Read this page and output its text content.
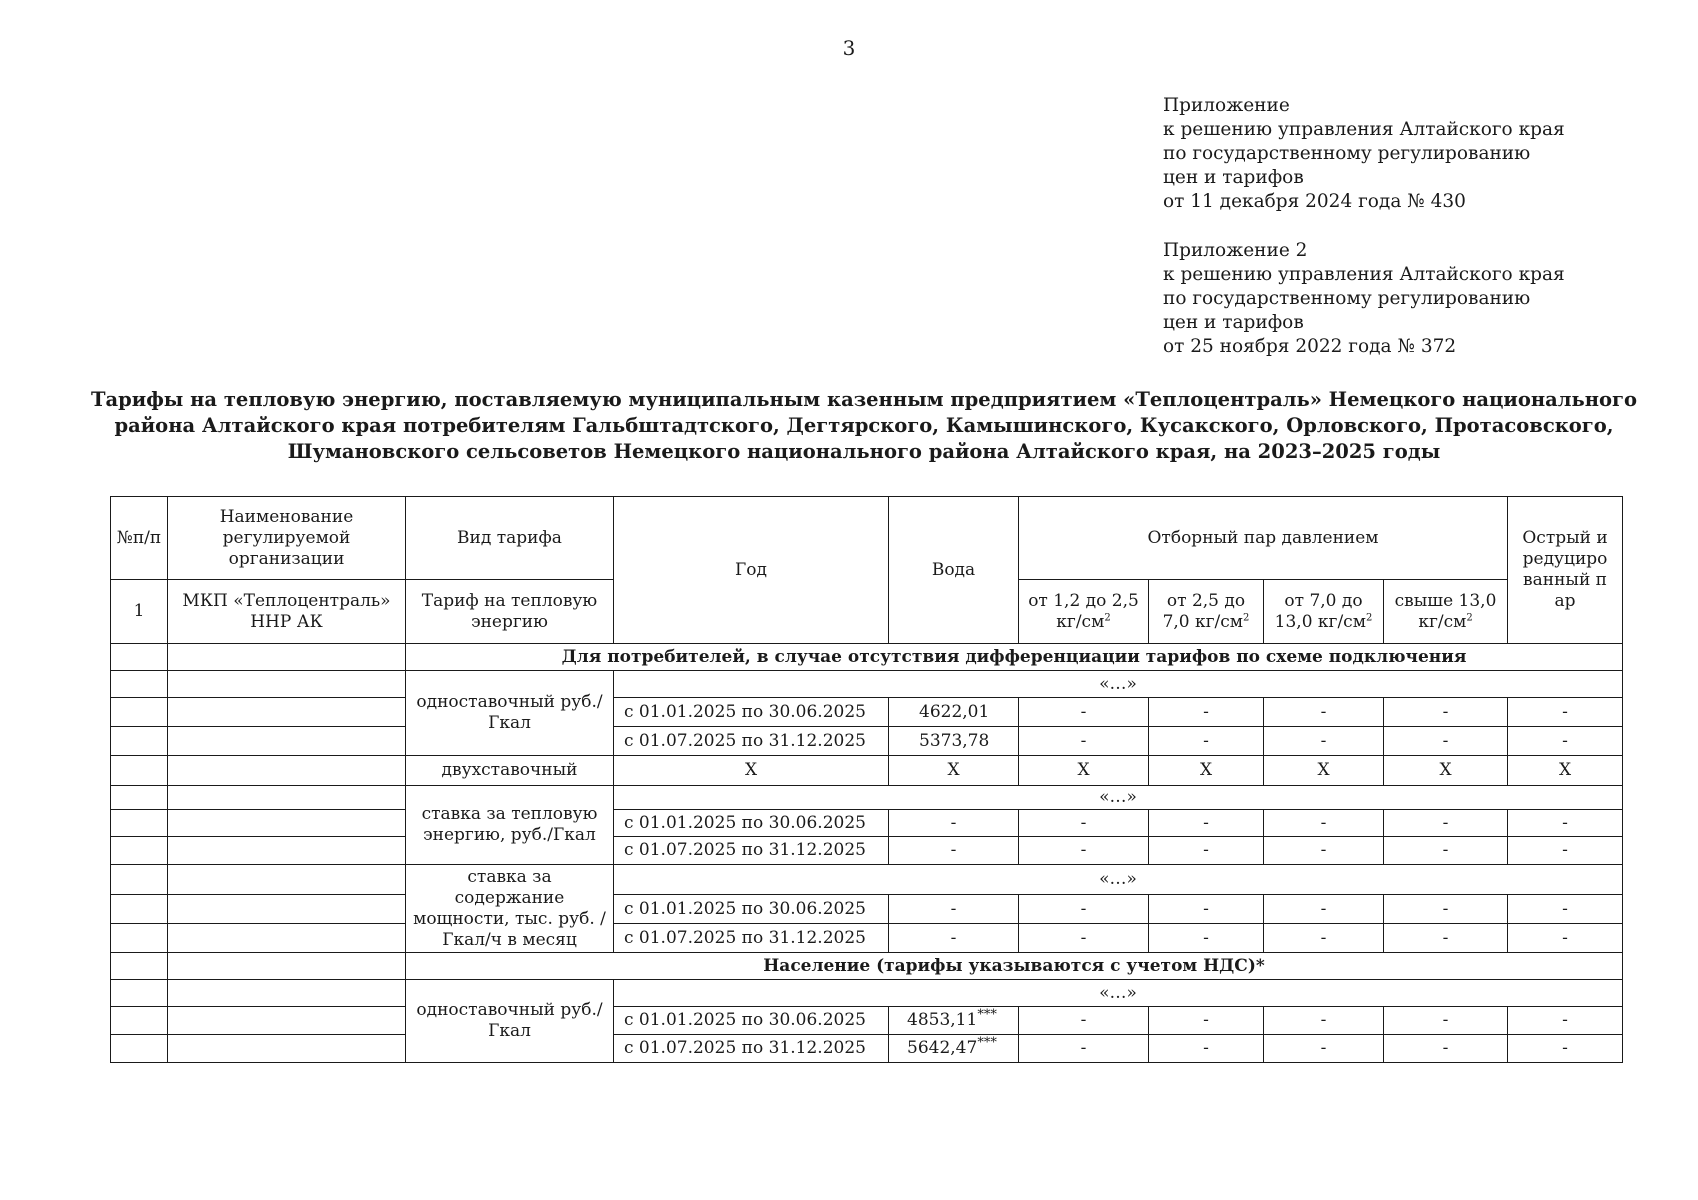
3
Приложение
к решению управления Алтайского края
по государственному регулированию
цен и тарифов
от 11 декабря 2024 года № 430
Приложение 2
к решению управления Алтайского края
по государственному регулированию
цен и тарифов
от 25 ноября 2022 года № 372
Тарифы на тепловую энергию, поставляемую муниципальным казенным предприятием «Теплоцентраль» Немецкого национального
района Алтайского края потребителям Гальбштадтского, Дегтярского, Камышинского, Кусакского, Орловского, Протасовского,
Шумановского сельсоветов Немецкого национального района Алтайского края, на 2023–2025 годы
№п/п	Наименование регулируемой организации	Вид тарифа	Год	Вода	Отборный пар давлением				Острый и редуцированный пар
1	МКП «Теплоцентраль» ННР АК	Тариф на тепловую энергию			от 1,2 до 2,5 $кг/см^2$	от 2,5 до 7,0 $кг/см^2$	от 7,0 до 13,0 $кг/см^2$	свыше 13,0 $кг/см^2$
		Для потребителей, в случае отсутствия дифференциации тарифов по схеме подключения							
		одноставочный руб./Гкал	«…»						
			с 01.01.2025 по 30.06.2025	4622,01	-	-	-	-	-
			с 01.07.2025 по 31.12.2025	5373,78	-	-	-	-	-
		двухставочный	X	X	X	X	X	X	X
		ставка за тепловую энергию, руб./Гкал	«…»						
			с 01.01.2025 по 30.06.2025	-	-	-	-	-	-
			с 01.07.2025 по 31.12.2025	-	-	-	-	-	-
		ставка за содержание мощности, тыс. руб. /Гкал/ч в месяц	«…»						
			с 01.01.2025 по 30.06.2025	-	-	-	-	-	-
			с 01.07.2025 по 31.12.2025	-	-	-	-	-	-
		Население (тарифы указываются с учетом НДС)*							
		одноставочный руб./Гкал	«…»						
			с 01.01.2025 по 30.06.2025	4853,11***	-	-	-	-	-
			с 01.07.2025 по 31.12.2025	5642,47***	-	-	-	-	-
